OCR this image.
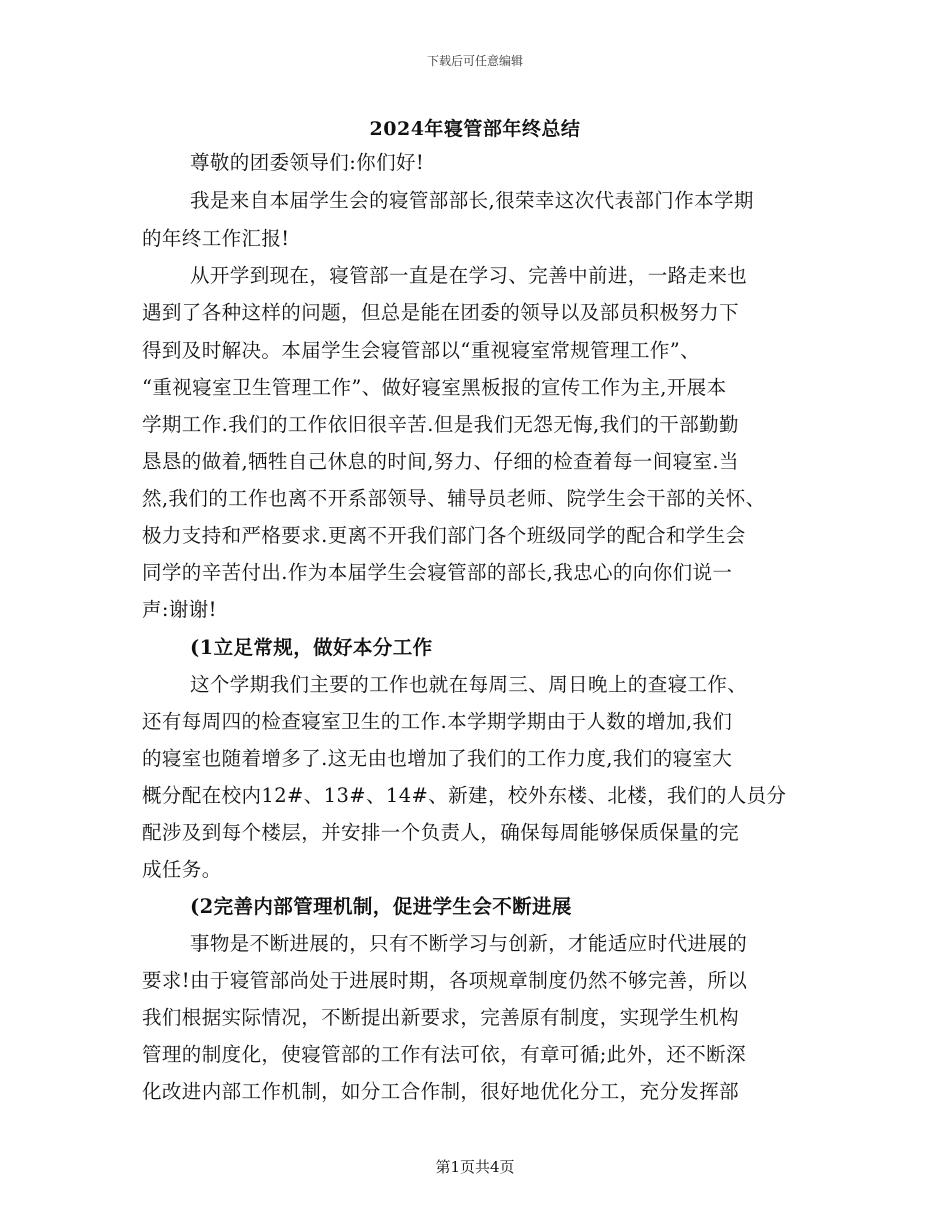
下载后可任意编辑
2024年寝管部年终总结
尊敬的团委领导们:你们好!
我是来自本届学生会的寝管部部长,很荣幸这次代表部门作本学期
的年终工作汇报!
从开学到现在，寝管部一直是在学习、完善中前进，一路走来也
遇到了各种这样的问题，但总是能在团委的领导以及部员积极努力下
得到及时解决。本届学生会寝管部以“重视寝室常规管理工作”、
“重视寝室卫生管理工作”、做好寝室黑板报的宣传工作为主,开展本
学期工作.我们的工作依旧很辛苦.但是我们无怨无悔,我们的干部勤勤
恳恳的做着,牺牲自己休息的时间,努力、仔细的检查着每一间寝室.当
然,我们的工作也离不开系部领导、辅导员老师、院学生会干部的关怀、
极力支持和严格要求.更离不开我们部门各个班级同学的配合和学生会
同学的辛苦付出.作为本届学生会寝管部的部长,我忠心的向你们说一
声:谢谢!
(1立足常规，做好本分工作
这个学期我们主要的工作也就在每周三、周日晚上的查寝工作、
还有每周四的检查寝室卫生的工作.本学期学期由于人数的增加,我们
的寝室也随着增多了.这无由也增加了我们的工作力度,我们的寝室大
概分配在校内12#、13#、14#、新建，校外东楼、北楼，我们的人员分
配涉及到每个楼层，并安排一个负责人，确保每周能够保质保量的完
成任务。
(2完善内部管理机制，促进学生会不断进展
事物是不断进展的，只有不断学习与创新，才能适应时代进展的
要求!由于寝管部尚处于进展时期，各项规章制度仍然不够完善，所以
我们根据实际情况，不断提出新要求，完善原有制度，实现学生机构
管理的制度化，使寝管部的工作有法可依，有章可循;此外，还不断深
化改进内部工作机制，如分工合作制，很好地优化分工，充分发挥部
第1页共4页
